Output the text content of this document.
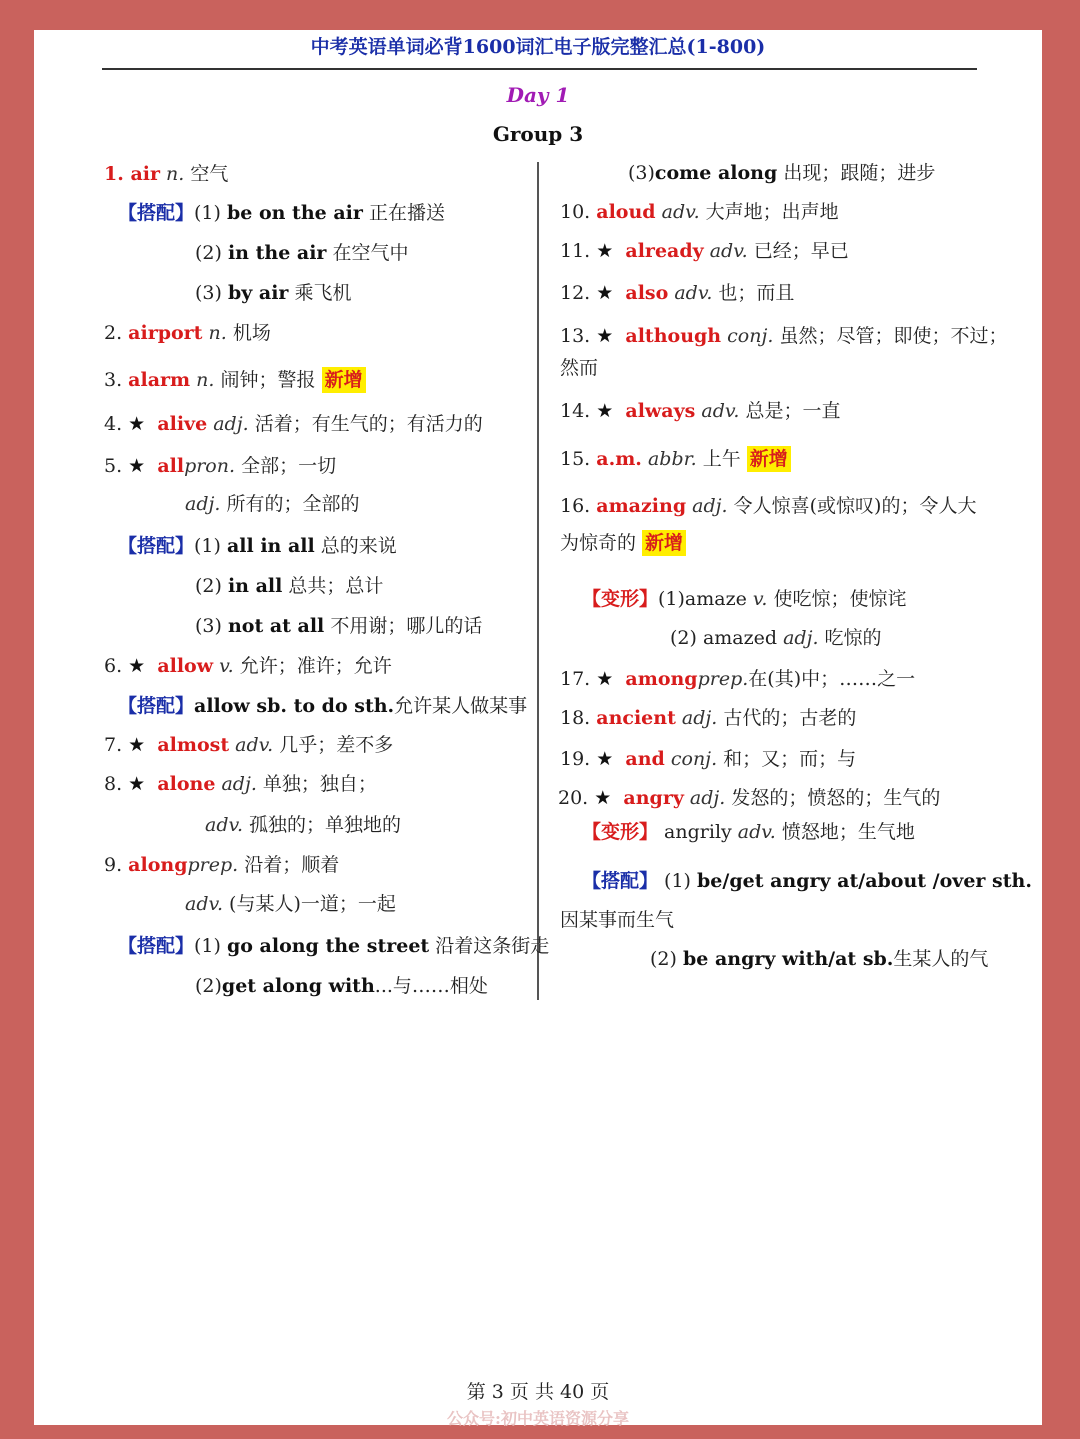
中考英语单词必背1600词汇电子版完整汇总(1-800)
Day 1
Group 3
1. air n. 空气
【搭配】(1) be on the air 正在播送
(2) in the air 在空气中
(3) by air 乘飞机
2. airport n. 机场
3. alarm n. 闹钟；警报 新增
4. ★ alive adj. 活着；有生气的；有活力的
5. ★ allpron. 全部；一切
adj. 所有的；全部的
【搭配】(1) all in all 总的来说
(2) in all 总共；总计
(3) not at all 不用谢；哪儿的话
6. ★ allow v. 允许；准许；允许
【搭配】allow sb. to do sth.允许某人做某事
7. ★ almost adv. 几乎；差不多
8. ★ alone adj. 单独；独自；
adv. 孤独的；单独地的
9. alongprep. 沿着；顺着
adv. (与某人)一道；一起
【搭配】(1) go along the street 沿着这条街走
(2)get along with...与……相处
(3)come along 出现；跟随；进步
10. aloud adv. 大声地；出声地
11. ★ already adv. 已经；早已
12. ★ also adv. 也；而且
13. ★ although conj. 虽然；尽管；即使；不过；
然而
14. ★ always adv. 总是；一直
15. a.m. abbr. 上午 新增
16. amazing adj. 令人惊喜(或惊叹)的；令人大
为惊奇的 新增
【变形】(1)amaze v. 使吃惊；使惊诧
(2) amazed adj. 吃惊的
17. ★ amongprep.在(其)中；……之一
18. ancient adj. 古代的；古老的
19. ★ and conj. 和；又；而；与
20. ★ angry adj. 发怒的；愤怒的；生气的
【变形】 angrily adv. 愤怒地；生气地
【搭配】 (1) be/get angry at/about /over sth.
因某事而生气
(2) be angry with/at sb.生某人的气
第 3 页 共 40 页
公众号:初中英语资源分享
